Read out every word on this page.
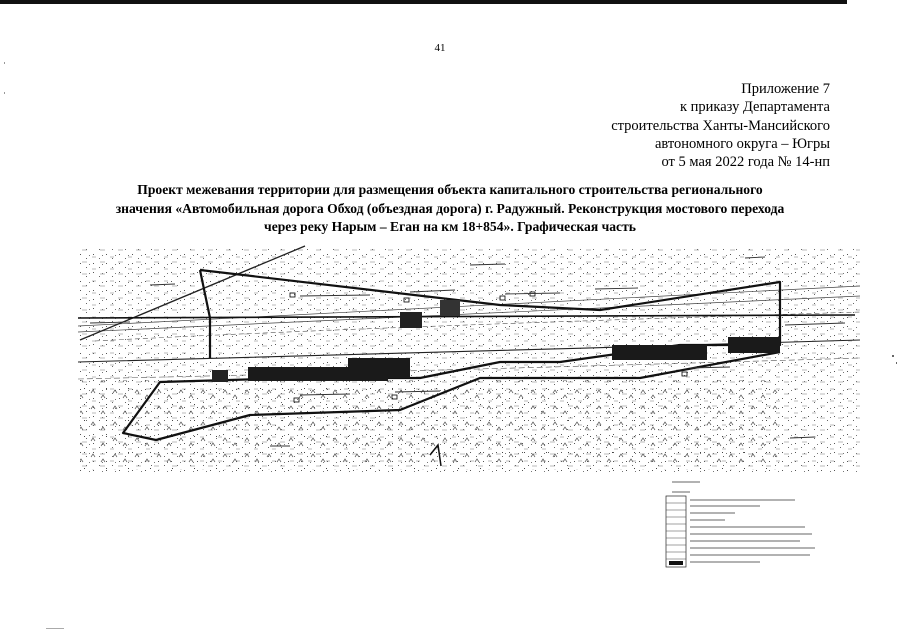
41
Приложение 7
к приказу Департамента
строительства Ханты-Мансийского
автономного округа – Югры
от 5 мая 2022 года № 14-нп
Проект межевания территории для размещения объекта капитального строительства регионального
значения «Автомобильная дорога Обход (объездная дорога) г. Радужный. Реконструкция мостового перехода
через реку Нарым – Еган на км 18+854». Графическая часть
